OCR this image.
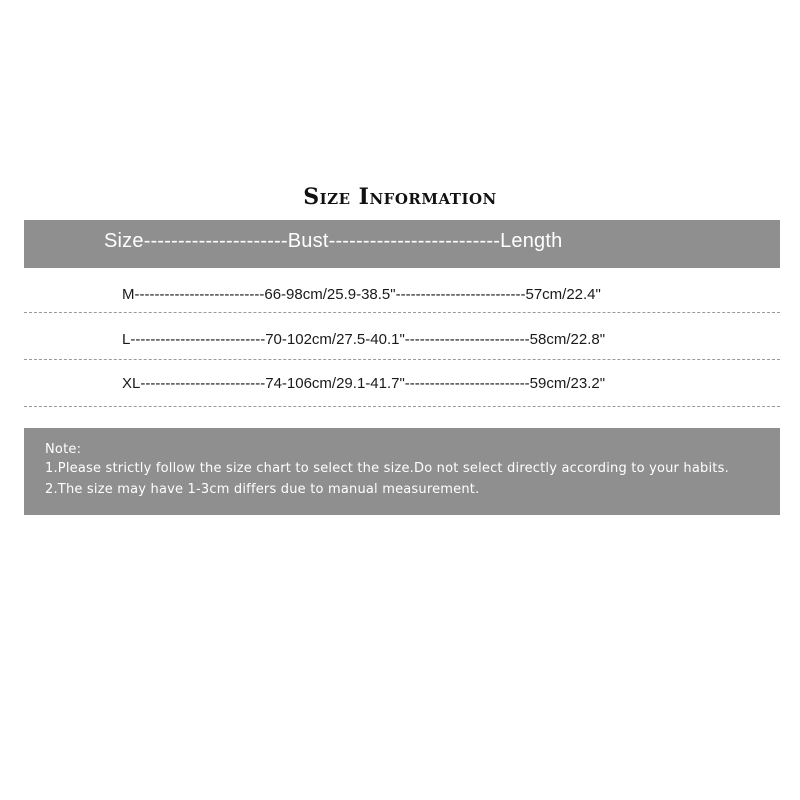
Size Information
Size---------------------Bust-------------------------Length
M--------------------------66-98cm/25.9-38.5"--------------------------57cm/22.4"
L---------------------------70-102cm/27.5-40.1"-------------------------58cm/22.8"
XL-------------------------74-106cm/29.1-41.7"-------------------------59cm/23.2"
Note:
1.Please strictly follow the size chart to select the size.Do not select directly according to your habits.
2.The size may have 1-3cm differs due to manual measurement.
